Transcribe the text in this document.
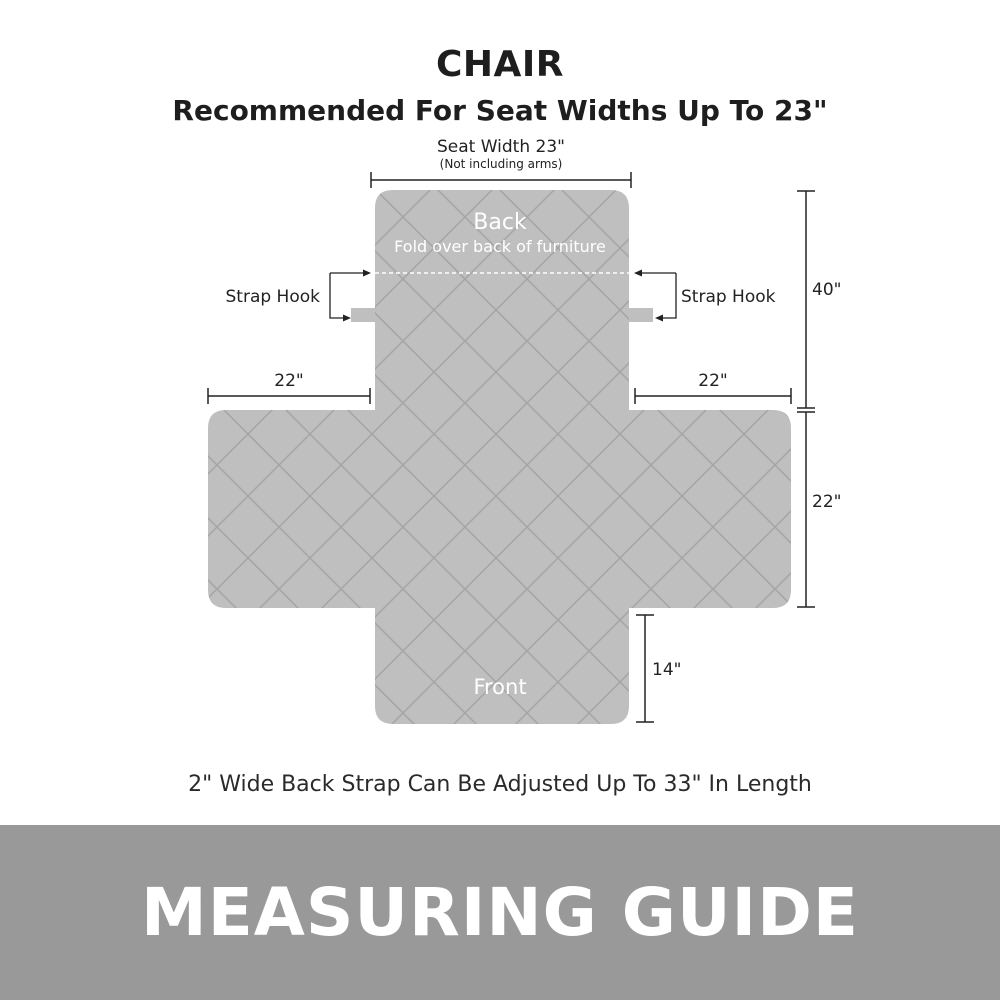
CHAIR
Recommended For Seat Widths Up To 23"
Seat Width 23"
(Not including arms)
Back
Fold over back of furniture
Front
Strap Hook	Strap Hook
22"	22"
40"
22"
14"
2" Wide Back Strap Can Be Adjusted Up To 33" In Length
MEASURING GUIDE
